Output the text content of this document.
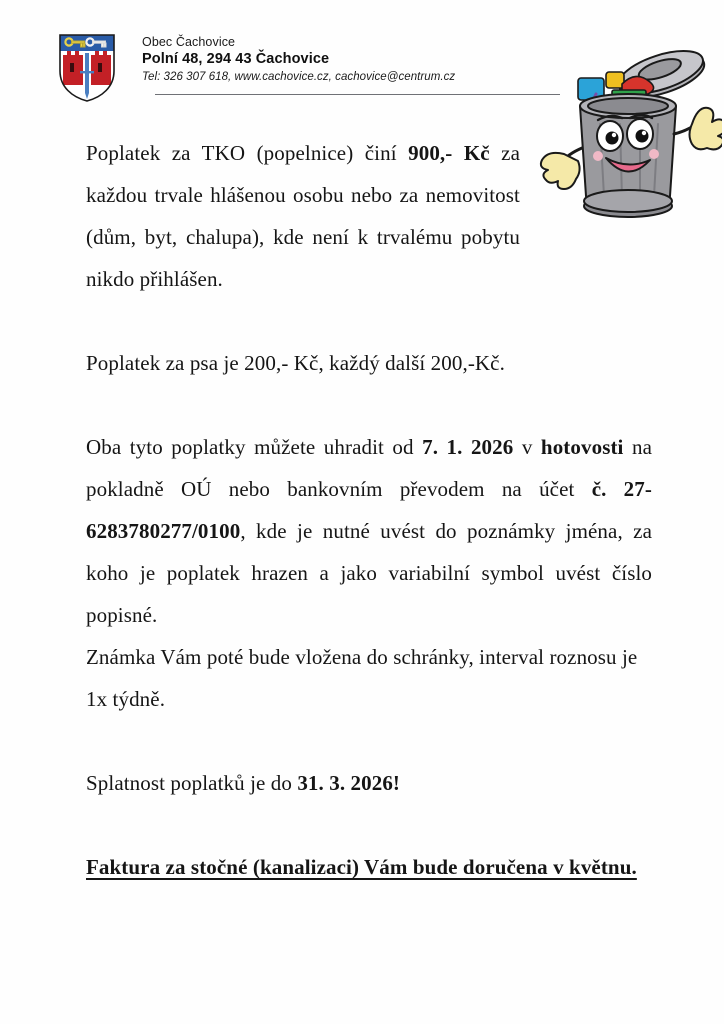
Obec Čachovice
Polní 48, 294 43 Čachovice
Tel: 326 307 618, www.cachovice.cz, cachovice@centrum.cz

Poplatek za TKO (popelnice) činí 900,- Kč za každou trvale hlášenou osobu nebo za nemovitost (dům, byt, chalupa), kde není k trvalému pobytu nikdo přihlášen.

Poplatek za psa je 200,- Kč, každý další 200,-Kč.

Oba tyto poplatky můžete uhradit od 7. 1. 2026 v hotovosti na pokladně OÚ nebo bankovním převodem na účet č. 27-6283780277/0100, kde je nutné uvést do poznámky jména, za koho je poplatek hrazen a jako variabilní symbol uvést číslo popisné.

Známka Vám poté bude vložena do schránky, interval roznosu je 1x týdně.

Splatnost poplatků je do 31. 3. 2026!

Faktura za stočné (kanalizaci) Vám bude doručena v květnu.
